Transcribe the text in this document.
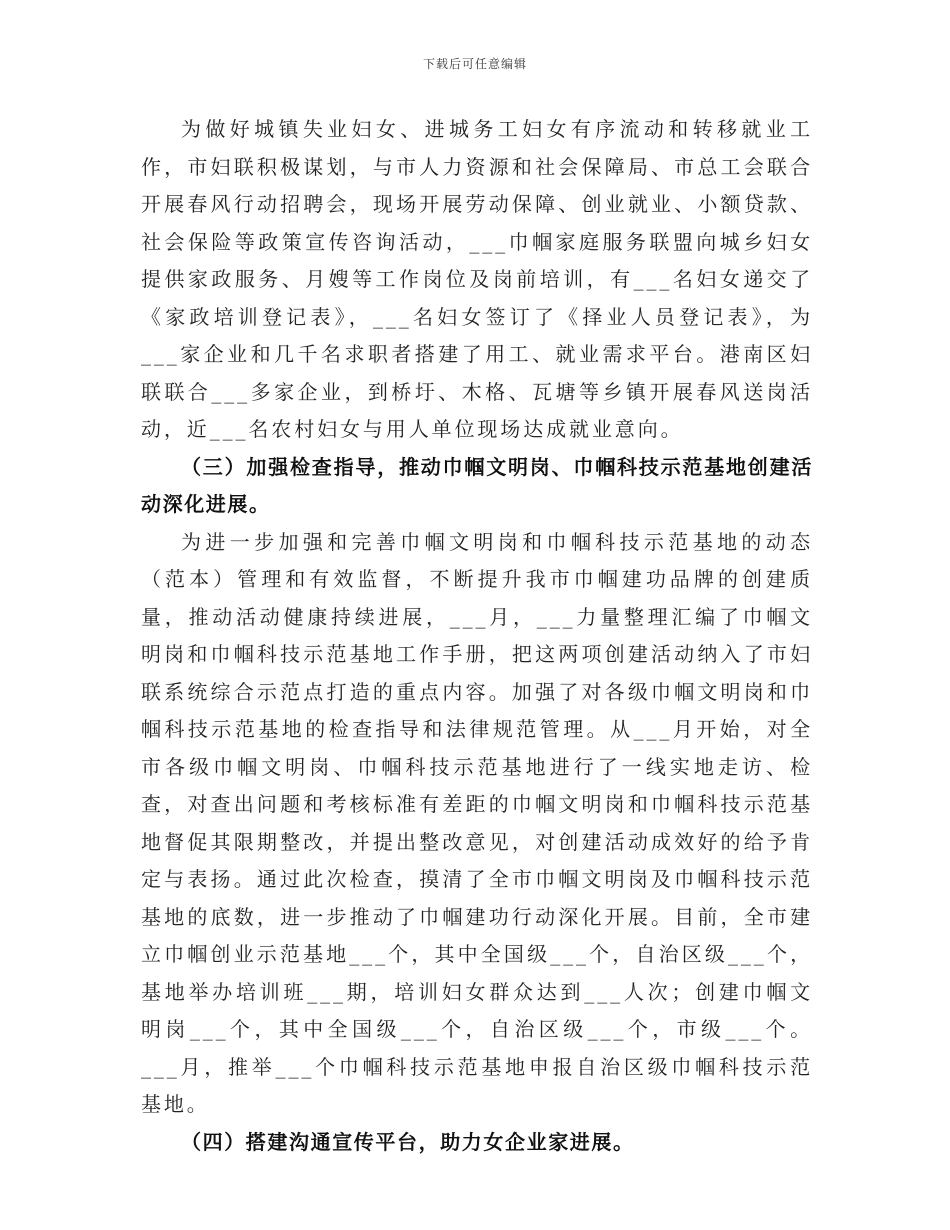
下载后可任意编辑

为做好城镇失业妇女、进城务工妇女有序流动和转移就业工作，市妇联积极谋划，与市人力资源和社会保障局、市总工会联合开展春风行动招聘会，现场开展劳动保障、创业就业、小额贷款、社会保险等政策宣传咨询活动，___巾帼家庭服务联盟向城乡妇女提供家政服务、月嫂等工作岗位及岗前培训，有___名妇女递交了《家政培训登记表》，___名妇女签订了《择业人员登记表》，为___家企业和几千名求职者搭建了用工、就业需求平台。港南区妇联联合___多家企业，到桥圩、木格、瓦塘等乡镇开展春风送岗活动，近___名农村妇女与用人单位现场达成就业意向。

（三）加强检查指导，推动巾帼文明岗、巾帼科技示范基地创建活动深化进展。

为进一步加强和完善巾帼文明岗和巾帼科技示范基地的动态（范本）管理和有效监督，不断提升我市巾帼建功品牌的创建质量，推动活动健康持续进展，___月，___力量整理汇编了巾帼文明岗和巾帼科技示范基地工作手册，把这两项创建活动纳入了市妇联系统综合示范点打造的重点内容。加强了对各级巾帼文明岗和巾帼科技示范基地的检查指导和法律规范管理。从___月开始，对全市各级巾帼文明岗、巾帼科技示范基地进行了一线实地走访、检查，对查出问题和考核标准有差距的巾帼文明岗和巾帼科技示范基地督促其限期整改，并提出整改意见，对创建活动成效好的给予肯定与表扬。通过此次检查，摸清了全市巾帼文明岗及巾帼科技示范基地的底数，进一步推动了巾帼建功行动深化开展。目前，全市建立巾帼创业示范基地___个，其中全国级___个，自治区级___个，基地举办培训班___期，培训妇女群众达到___人次；创建巾帼文明岗___个，其中全国级___个，自治区级___个，市级___个。___月，推举___个巾帼科技示范基地申报自治区级巾帼科技示范基地。

（四）搭建沟通宣传平台，助力女企业家进展。
